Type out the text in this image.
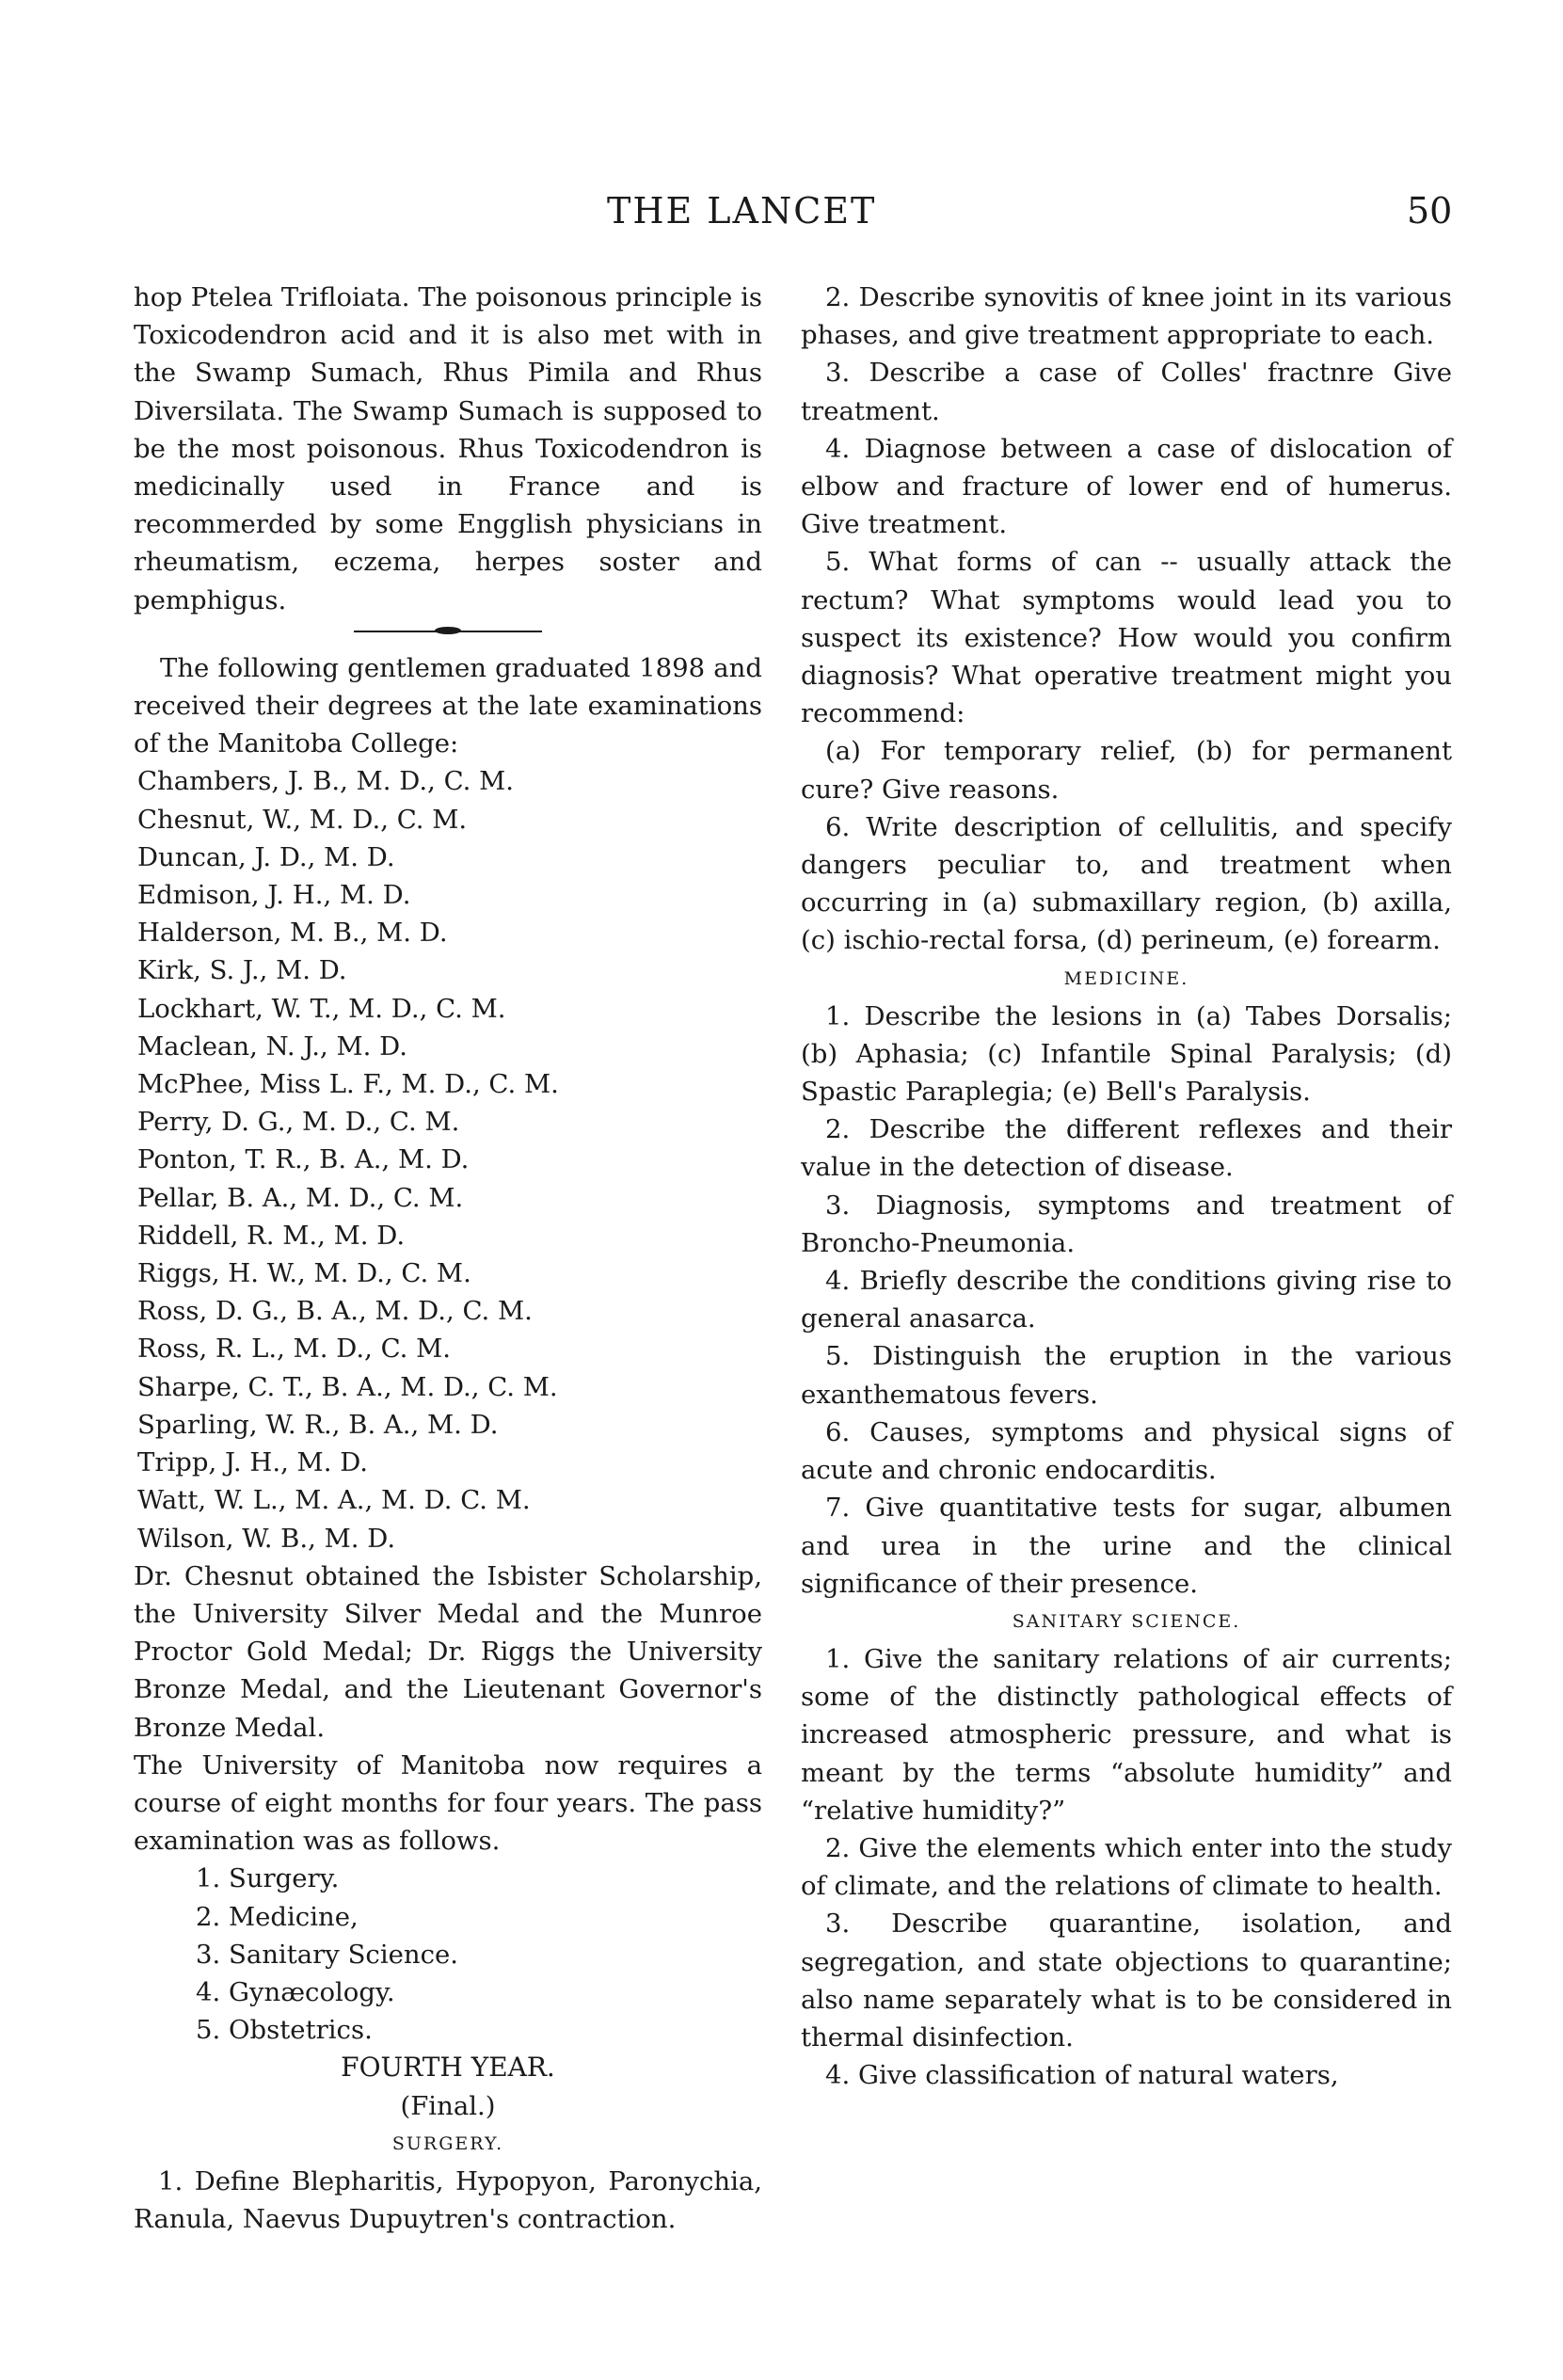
THE LANCET	50

hop Ptelea Trifloiata. The poisonous principle is Toxicodendron acid and it is also met with in the Swamp Sumach, Rhus Pimila and Rhus Diversilata. The Swamp Sumach is supposed to be the most poisonous. Rhus Toxicodendron is medicinally used in France and is recommerded by some Engglish physicians in rheumatism, eczema, herpes soster and pemphigus.

The following gentlemen graduated 1898 and received their degrees at the late examinations of the Manitoba College:

Chambers, J. B., M. D., C. M.
Chesnut, W., M. D., C. M.
Duncan, J. D., M. D.
Edmison, J. H., M. D.
Halderson, M. B., M. D.
Kirk, S. J., M. D.
Lockhart, W. T., M. D., C. M.
Maclean, N. J., M. D.
McPhee, Miss L. F., M. D., C. M.
Perry, D. G., M. D., C. M.
Ponton, T. R., B. A., M. D.
Pellar, B. A., M. D., C. M.
Riddell, R. M., M. D.
Riggs, H. W., M. D., C. M.
Ross, D. G., B. A., M. D., C. M.
Ross, R. L., M. D., C. M.
Sharpe, C. T., B. A., M. D., C. M.
Sparling, W. R., B. A., M. D.
Tripp, J. H., M. D.
Watt, W. L., M. A., M. D. C. M.
Wilson, W. B., M. D.

Dr. Chesnut obtained the Isbister Scholarship, the University Silver Medal and the Munroe Proctor Gold Medal; Dr. Riggs the University Bronze Medal, and the Lieutenant Governor's Bronze Medal.

The University of Manitoba now requires a course of eight months for four years. The pass examination was as follows.

1. Surgery.
2. Medicine,
3. Sanitary Science.
4. Gynæcology.
5. Obstetrics.
FOURTH YEAR.
(Final.)
SURGERY.

1. Define Blepharitis, Hypopyon, Paronychia, Ranula, Naevus Dupuytren's contraction.

2. Describe synovitis of knee joint in its various phases, and give treatment appropriate to each.

3. Describe a case of Colles' fractnre Give treatment.

4. Diagnose between a case of dislocation of elbow and fracture of lower end of humerus. Give treatment.

5. What forms of can -- usually attack the rectum? What symptoms would lead you to suspect its existence? How would you confirm diagnosis? What operative treatment might you recommend:

(a) For temporary relief, (b) for permanent cure? Give reasons.

6. Write description of cellulitis, and specify dangers peculiar to, and treatment when occurring in (a) submaxillary region, (b) axilla, (c) ischio-rectal forsa, (d) perineum, (e) forearm.

MEDICINE.

1. Describe the lesions in (a) Tabes Dorsalis; (b) Aphasia; (c) Infantile Spinal Paralysis; (d) Spastic Paraplegia; (e) Bell's Paralysis.

2. Describe the different reflexes and their value in the detection of disease.

3. Diagnosis, symptoms and treatment of Broncho-Pneumonia.

4. Briefly describe the conditions giving rise to general anasarca.

5. Distinguish the eruption in the various exanthematous fevers.

6. Causes, symptoms and physical signs of acute and chronic endocarditis.

7. Give quantitative tests for sugar, albumen and urea in the urine and the clinical significance of their presence.

SANITARY SCIENCE.

1. Give the sanitary relations of air currents; some of the distinctly pathological effects of increased atmospheric pressure, and what is meant by the terms “absolute humidity” and “relative humidity?”

2. Give the elements which enter into the study of climate, and the relations of climate to health.

3. Describe quarantine, isolation, and segregation, and state objections to quarantine; also name separately what is to be considered in thermal disinfection.

4. Give classification of natural waters,
